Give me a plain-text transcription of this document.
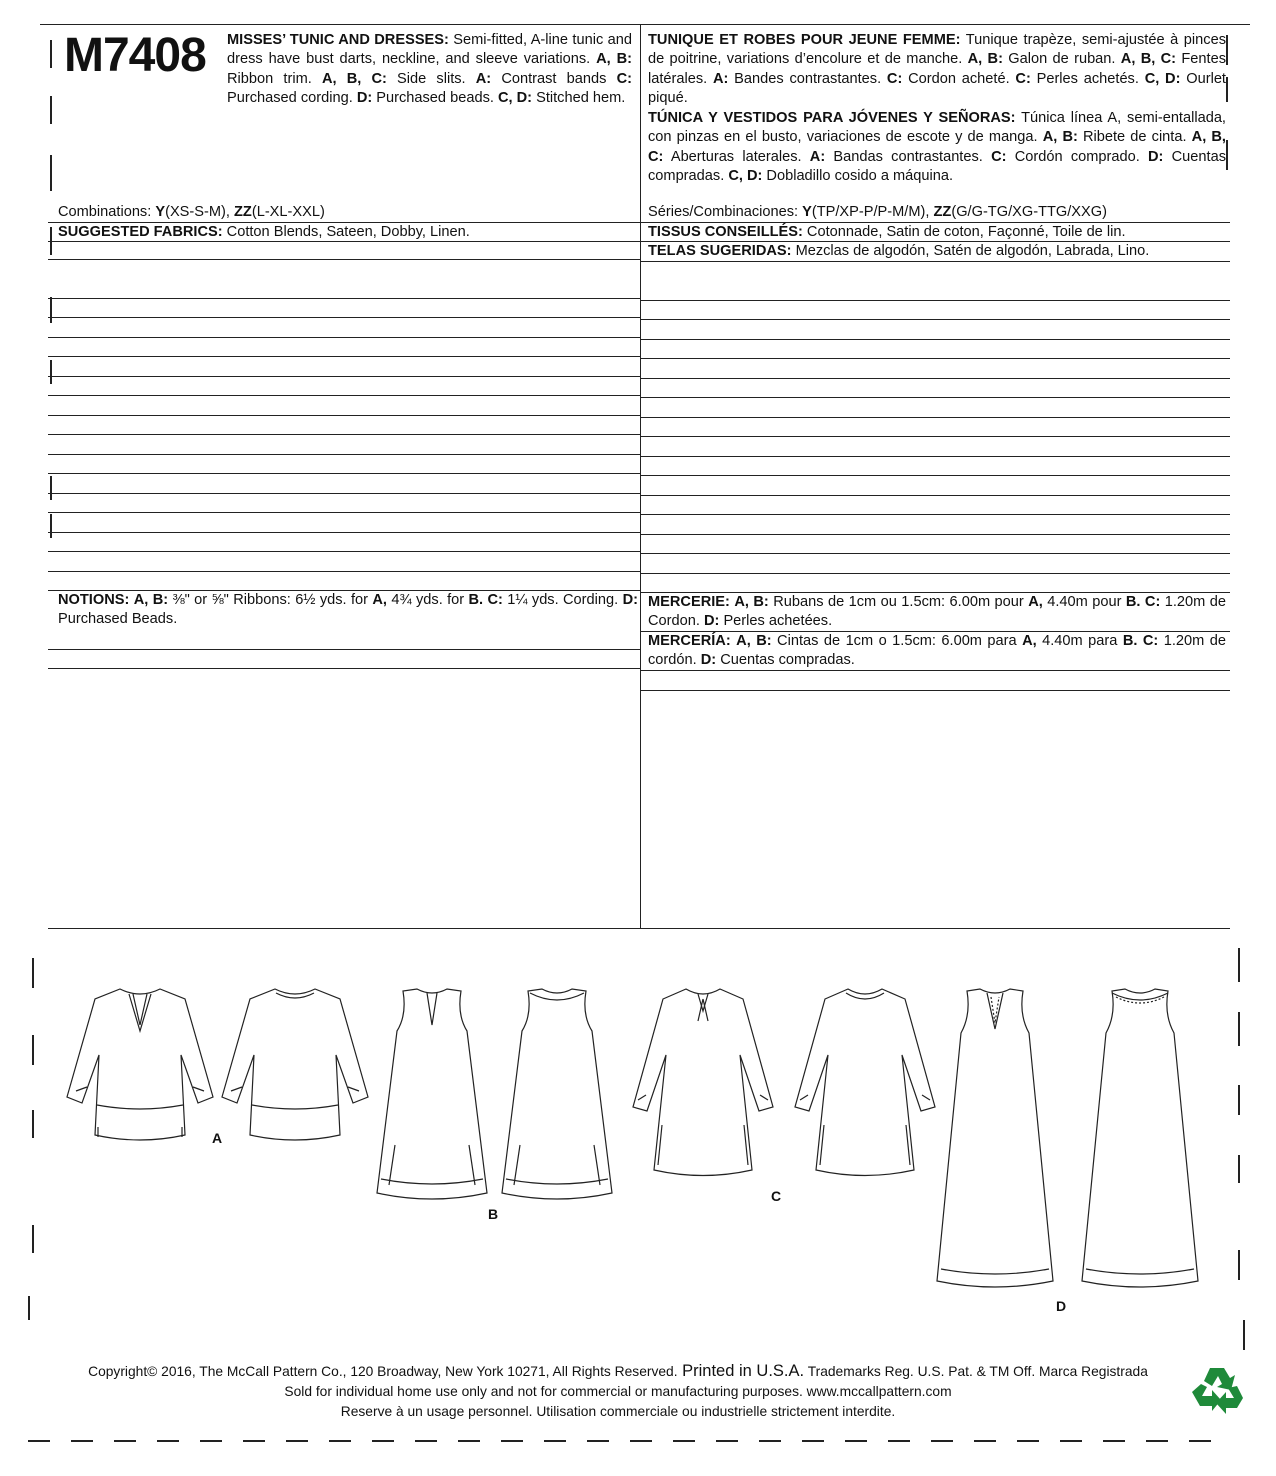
M7408 MISSES’ TUNIC AND DRESSES: Semi-fitted, A-line tunic and dress have bust darts, neckline, and sleeve variations. A, B: Ribbon trim. A, B, C: Side slits. A: Contrast bands C: Purchased cording. D: Purchased beads. C, D: Stitched hem.
TUNIQUE ET ROBES POUR JEUNE FEMME: Tunique trapèze, semi-ajustée à pinces de poitrine, variations d’encolure et de manche. A, B: Galon de ruban. A, B, C: Fentes latérales. A: Bandes contrastantes. C: Cordon acheté. C: Perles achetés. C, D: Ourlet piqué.
TÚNICA Y VESTIDOS PARA JÓVENES Y SEÑORAS: Túnica línea A, semi-entallada, con pinzas en el busto, variaciones de escote y de manga. A, B: Ribete de cinta. A, B, C: Aberturas laterales. A: Bandas contrastantes. C: Cordón comprado. D: Cuentas compradas. C, D: Dobladillo cosido a máquina.
Combinations: Y(XS-S-M), ZZ(L-XL-XXL)
SUGGESTED FABRICS: Cotton Blends, Sateen, Dobby, Linen.
NOTIONS: A, B: ⅜" or ⅝" Ribbons: 6½ yds. for A, 4¾ yds. for B. C: 1¼ yds. Cording. D: Purchased Beads.
Séries/Combinaciones: Y(TP/XP-P/P-M/M), ZZ(G/G-TG/XG-TTG/XXG)
TISSUS CONSEILLÉS: Cotonnade, Satin de coton, Façonné, Toile de lin.
TELAS SUGERIDAS: Mezclas de algodón, Satén de algodón, Labrada, Lino.
MERCERIE: A, B: Rubans de 1cm ou 1.5cm: 6.00m pour A, 4.40m pour B. C: 1.20m de Cordon. D: Perles achetées.
MERCERÍA: A, B: Cintas de 1cm o 1.5cm: 6.00m para A, 4.40m para B. C: 1.20m de cordón. D: Cuentas compradas.
A
B
C
D
Copyright© 2016, The McCall Pattern Co., 120 Broadway, New York 10271, All Rights Reserved. Printed in U.S.A. Trademarks Reg. U.S. Pat. & TM Off. Marca Registrada
Sold for individual home use only and not for commercial or manufacturing purposes. www.mccallpattern.com
Reserve à un usage personnel. Utilisation commerciale ou industrielle strictement interdite.
